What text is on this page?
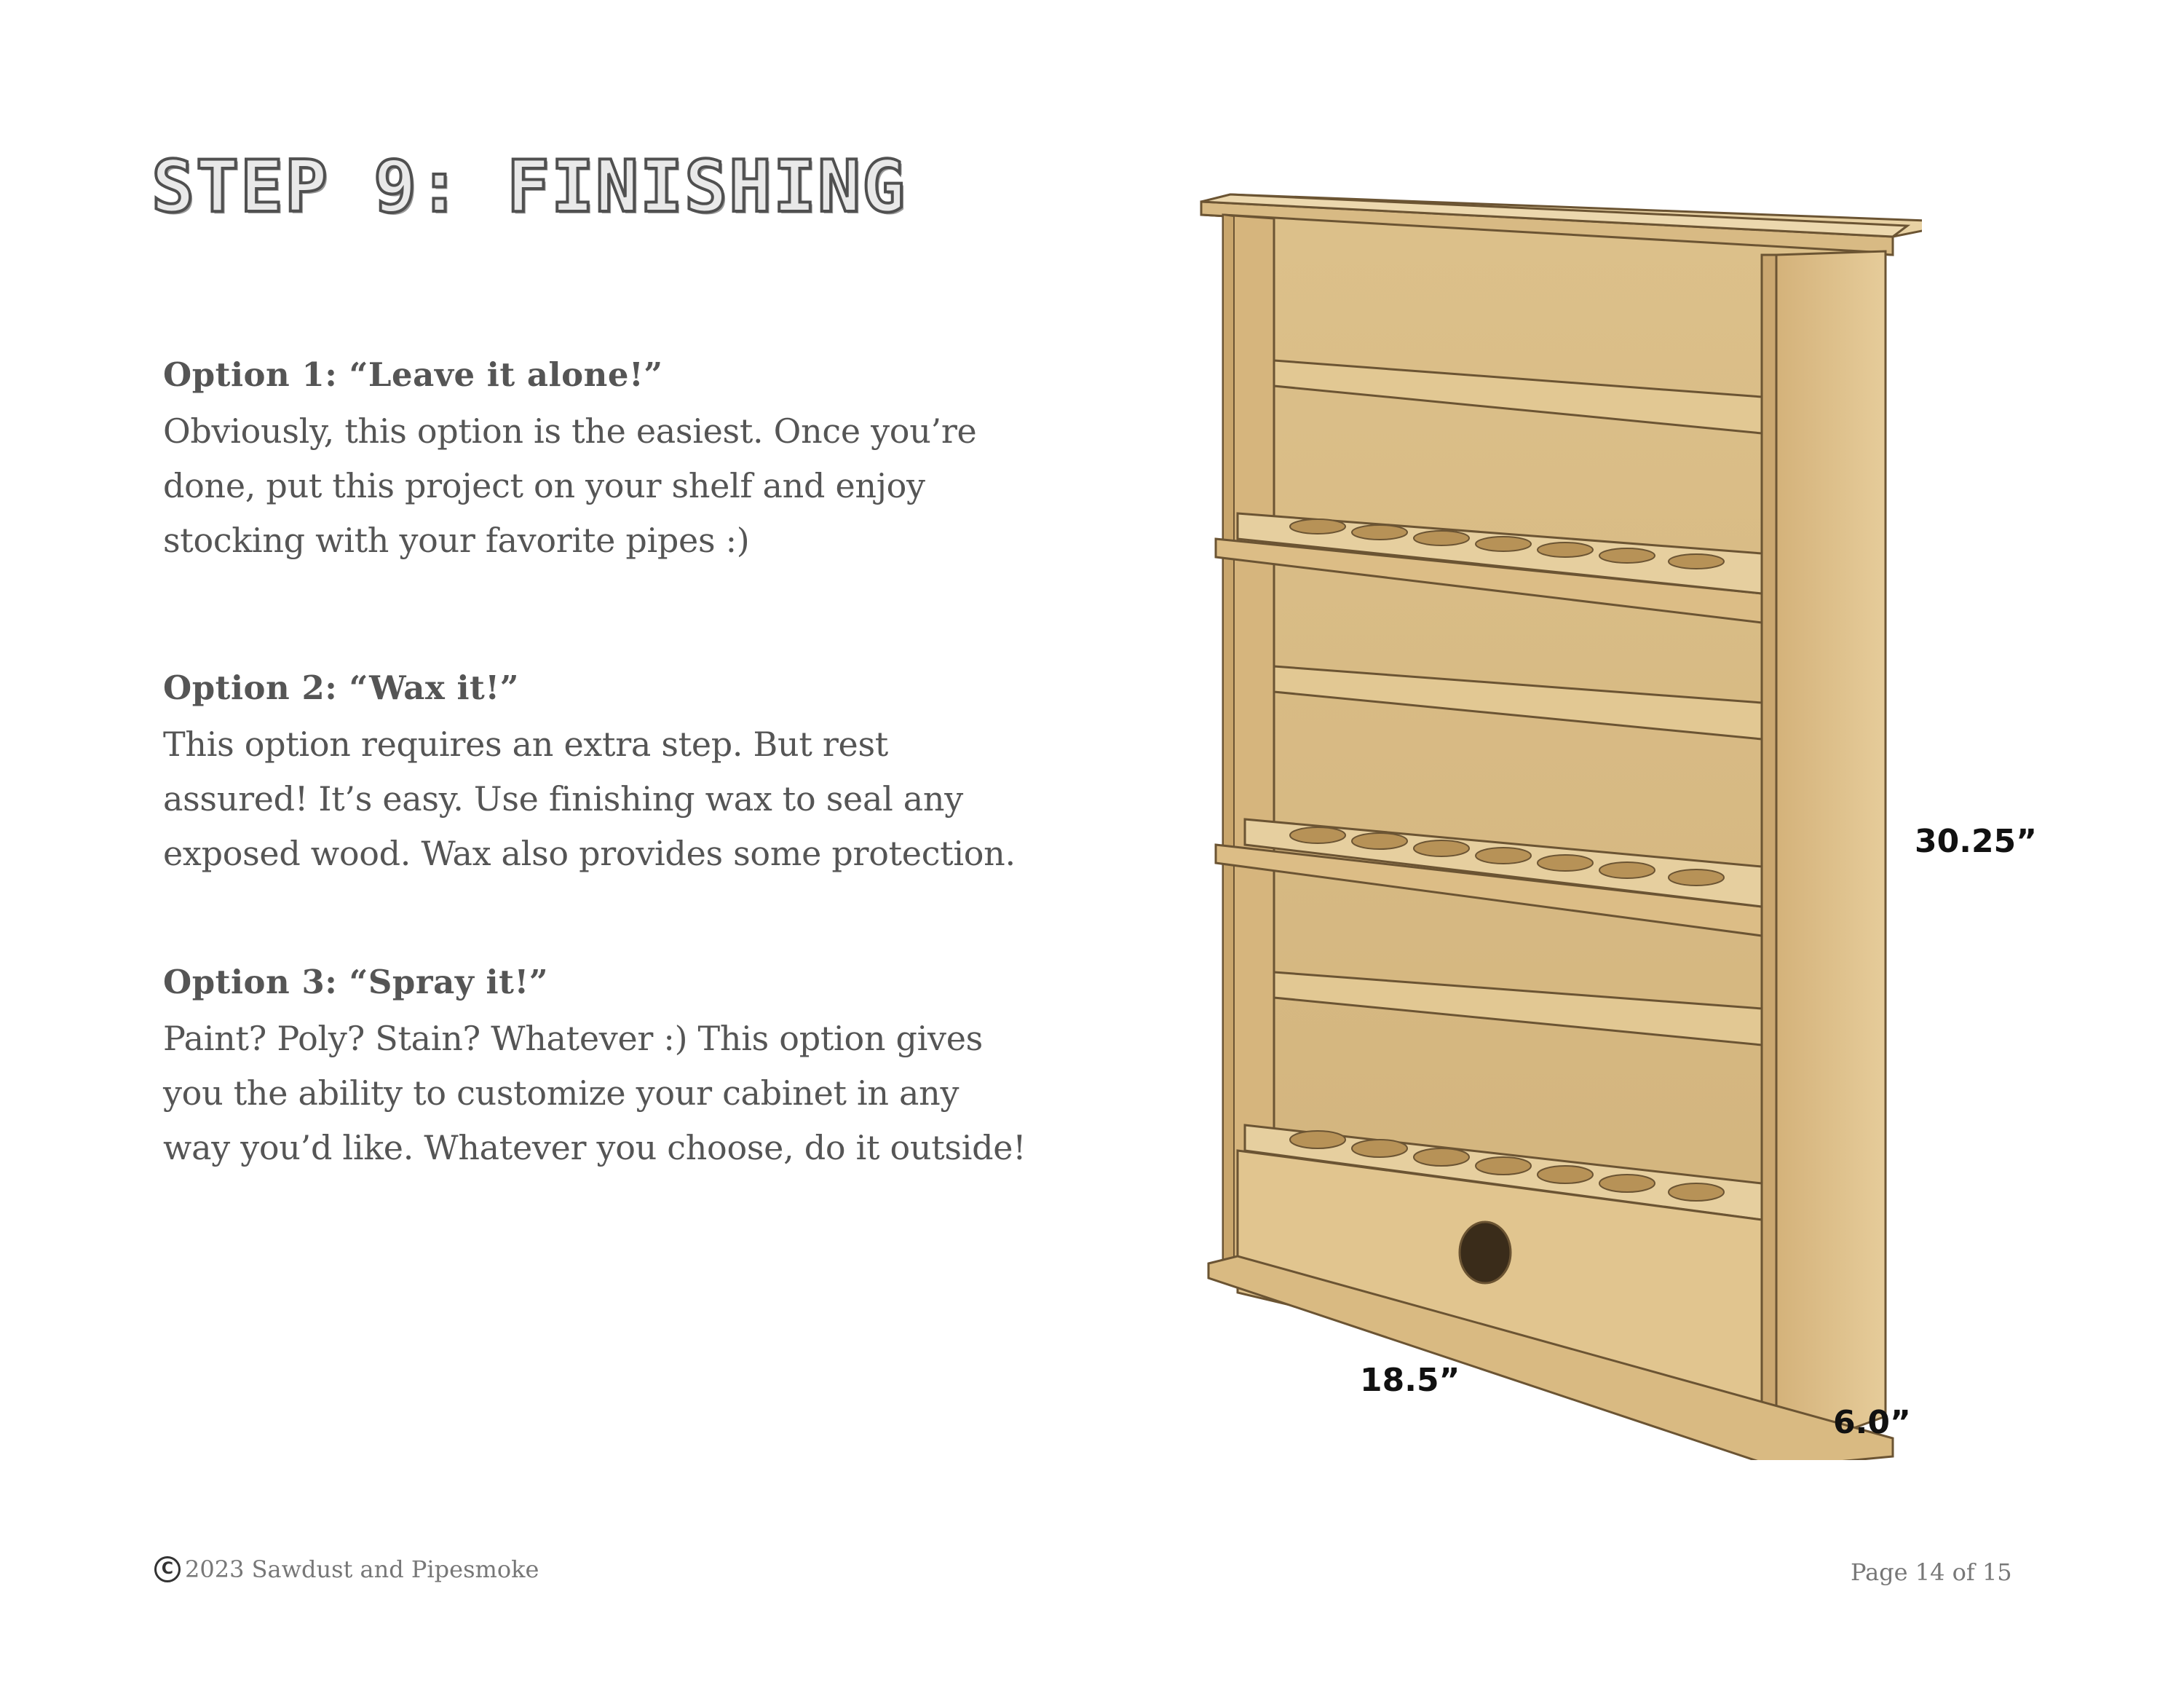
STEP 9: FINISHING
Option 1: “Leave it alone!”

Obviously, this option is the easiest. Once you’re
done, put this project on your shelf and enjoy
stocking with your favorite pipes :)

Option 2: “Wax it!”

This option requires an extra step. But rest
assured! It’s easy. Use finishing wax to seal any
exposed wood. Wax also provides some protection.

Option 3: “Spray it!”

Paint? Poly? Stain? Whatever :) This option gives
you the ability to customize your cabinet in any
way you’d like. Whatever you choose, do it outside!

30.25”
18.5”
6.0”
C 2023 Sawdust and Pipesmoke	Page 14 of 15
